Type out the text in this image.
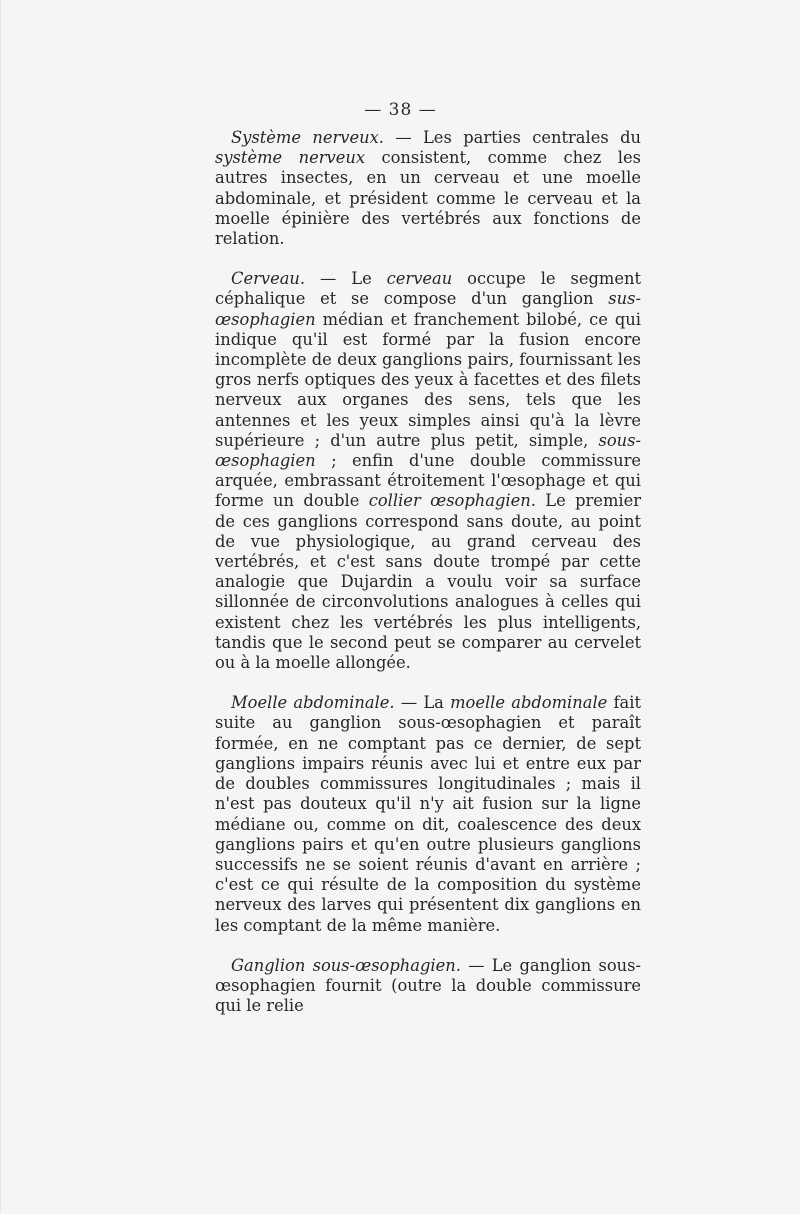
— 38 —

Système nerveux. — Les parties centrales du système nerveux consistent, comme chez les autres insectes, en un cerveau et une moelle abdominale, et président comme le cerveau et la moelle épinière des vertébrés aux fonctions de relation.

Cerveau. — Le cerveau occupe le segment céphalique et se compose d'un ganglion sus-œsophagien médian et franchement bilobé, ce qui indique qu'il est formé par la fusion encore incomplète de deux ganglions pairs, fournissant les gros nerfs optiques des yeux à facettes et des filets nerveux aux organes des sens, tels que les antennes et les yeux simples ainsi qu'à la lèvre supérieure ; d'un autre plus petit, simple, sous-œsophagien ; enfin d'une double commissure arquée, embrassant étroitement l'œsophage et qui forme un double collier œsophagien. Le premier de ces ganglions correspond sans doute, au point de vue physiologique, au grand cerveau des vertébrés, et c'est sans doute trompé par cette analogie que Dujardin a voulu voir sa surface sillonnée de circonvolutions analogues à celles qui existent chez les vertébrés les plus intelligents, tandis que le second peut se comparer au cervelet ou à la moelle allongée.

Moelle abdominale. — La moelle abdominale fait suite au ganglion sous-œsophagien et paraît formée, en ne comptant pas ce dernier, de sept ganglions impairs réunis avec lui et entre eux par de doubles commissures longitudinales ; mais il n'est pas douteux qu'il n'y ait fusion sur la ligne médiane ou, comme on dit, coalescence des deux ganglions pairs et qu'en outre plusieurs ganglions successifs ne se soient réunis d'avant en arrière ; c'est ce qui résulte de la composition du système nerveux des larves qui présentent dix ganglions en les comptant de la même manière.

Ganglion sous-œsophagien. — Le ganglion sous-œsophagien fournit (outre la double commissure qui le relie
